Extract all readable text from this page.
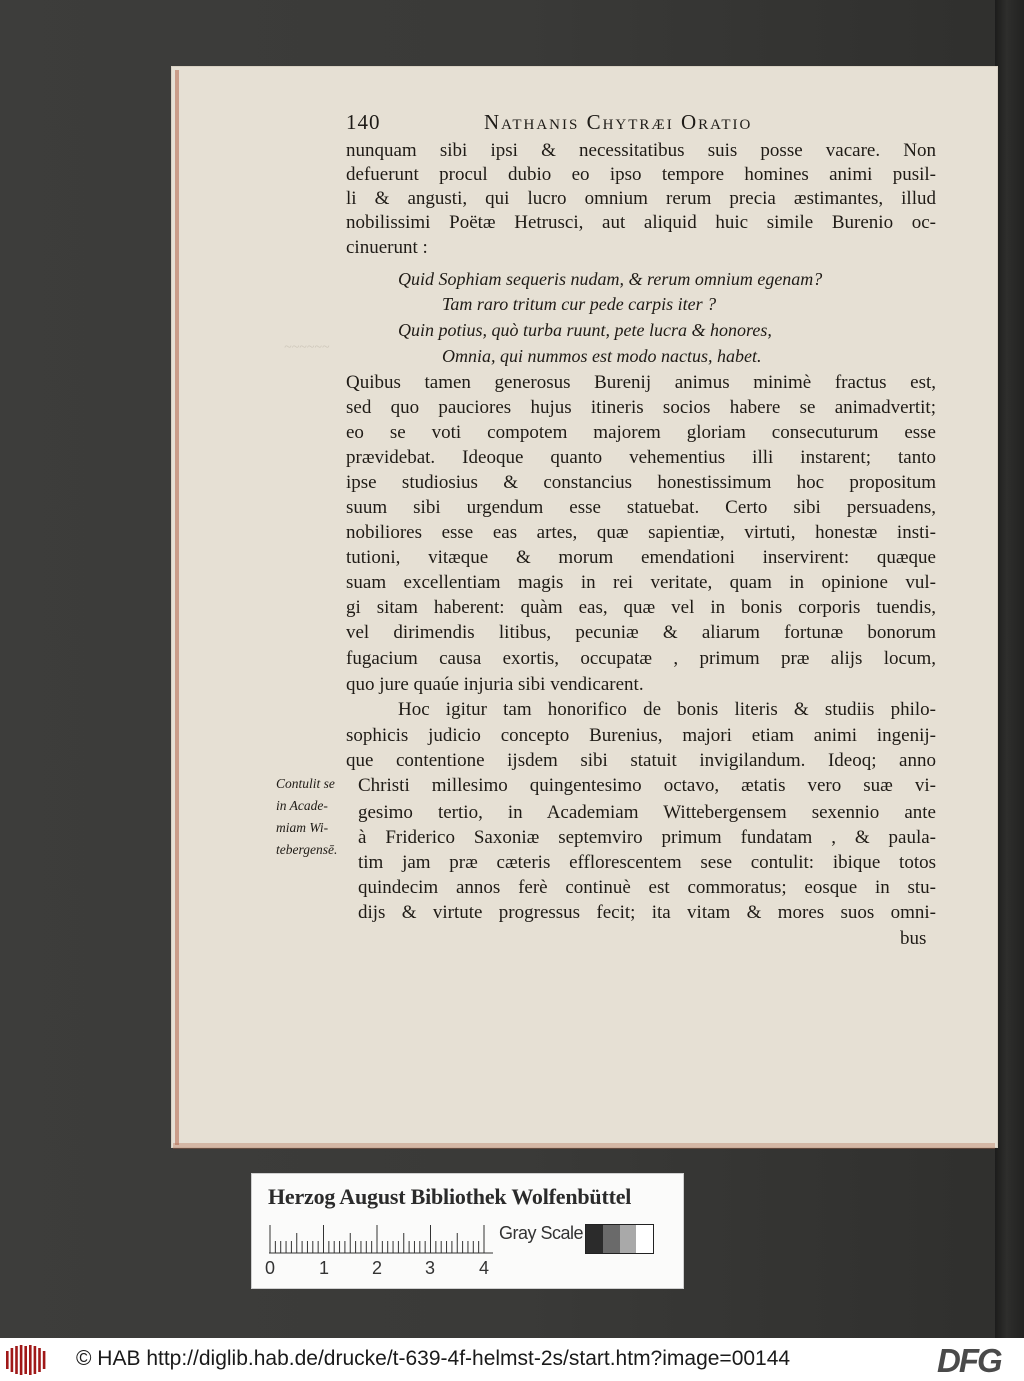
140	Nathanis Chytræi Oratio
nunquam sibi ipsi & necessitatibus suis posse vacare. Non
defuerunt procul dubio eo ipso tempore homines animi pusil-
li & angusti, qui lucro omnium rerum precia æstimantes, illud
nobilissimi Poëtæ Hetrusci, aut aliquid huic simile Burenio oc-
cinuerunt :
Quid Sophiam sequeris nudam, & rerum omnium egenam?
Tam raro tritum cur pede carpis iter ?
Quin potius, quò turba ruunt, pete lucra & honores,
Omnia, qui nummos est modo nactus, habet.
~~~~~~
Quibus tamen generosus Burenij animus minimè fractus est,
sed quo pauciores hujus itineris socios habere se animadvertit;
eo se voti compotem majorem gloriam consecuturum esse
prævidebat. Ideoque quanto vehementius illi instarent; tanto
ipse studiosius & constancius honestissimum hoc propositum
suum sibi urgendum esse statuebat. Certo sibi persuadens,
nobiliores esse eas artes, quæ sapientiæ, virtuti, honestæ insti-
tutioni, vitæque & morum emendationi inservirent: quæque
suam excellentiam magis in rei veritate, quam in opinione vul-
gi sitam haberent: quàm eas, quæ vel in bonis corporis tuendis,
vel dirimendis litibus, pecuniæ & aliarum fortunæ bonorum
fugacium causa exortis, occupatæ , primum præ alijs locum,
quo jure quaúe injuria sibi vendicarent.
Hoc igitur tam honorifico de bonis literis & studiis philo-
sophicis judicio concepto Burenius, majori etiam animi ingenij-
que contentione ijsdem sibi statuit invigilandum. Ideoq; anno
Christi millesimo quingentesimo octavo, ætatis vero suæ vi-
gesimo tertio, in Academiam Wittebergensem sexennio ante
à Friderico Saxoniæ septemviro primum fundatam , & paula-
tim jam præ cæteris efflorescentem sese contulit: ibique totos
quindecim annos ferè continuè est commoratus; eosque in stu-
dijs & virtute progressus fecit; ita vitam & mores suos omni-
Contulit se
in Acade-
miam Wi-
tebergensē.
bus
Herzog August Bibliothek Wolfenbüttel
Gray Scale
0 1 2 3 4
© HAB http://diglib.hab.de/drucke/t-639-4f-helmst-2s/start.htm?image=00144	DFG
